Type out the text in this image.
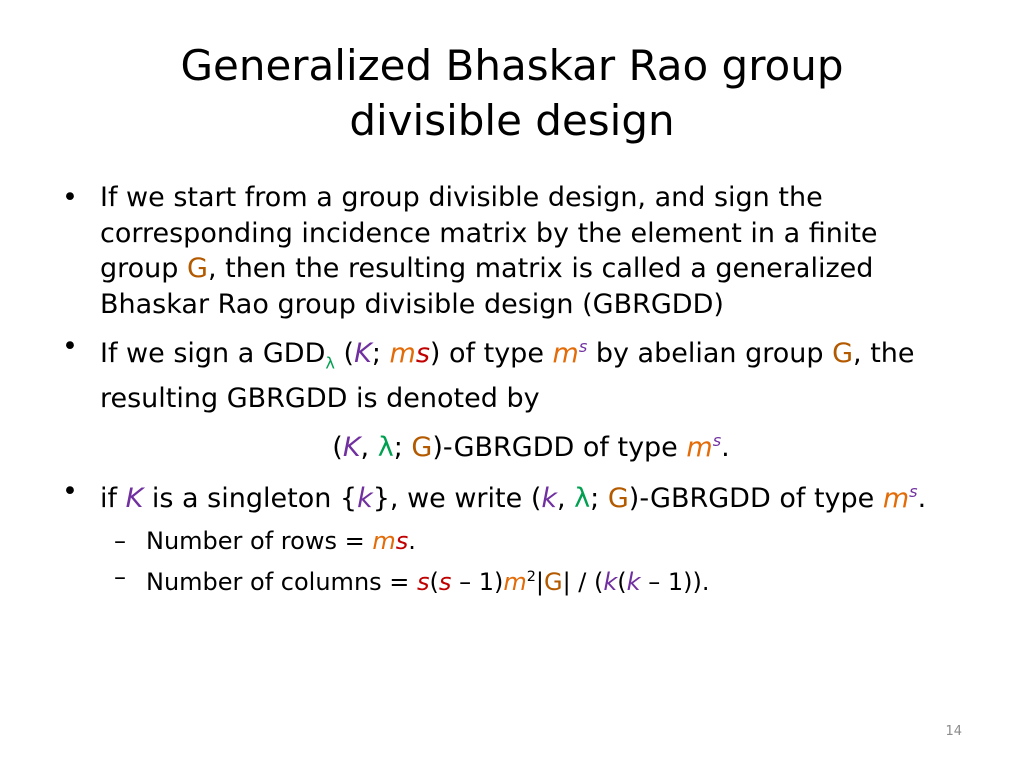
Generalized Bhaskar Rao group divisible design
• If we start from a group divisible design, and sign the corresponding incidence matrix by the element in a finite group G, then the resulting matrix is called a generalized Bhaskar Rao group divisible design (GBRGDD)
• If we sign a $GDD_\lambda$ (K; ms) of type $m^s$ by abelian group G, the resulting GBRGDD is denoted by
(K, λ; G)-GBRGDD of type $m^s$.
• if K is a singleton {k}, we write (k, λ; G)-GBRGDD of type $m^s$.
– Number of rows = ms.
– Number of columns = $s(s - 1)m^2|G| / (k(k - 1))$.
14
